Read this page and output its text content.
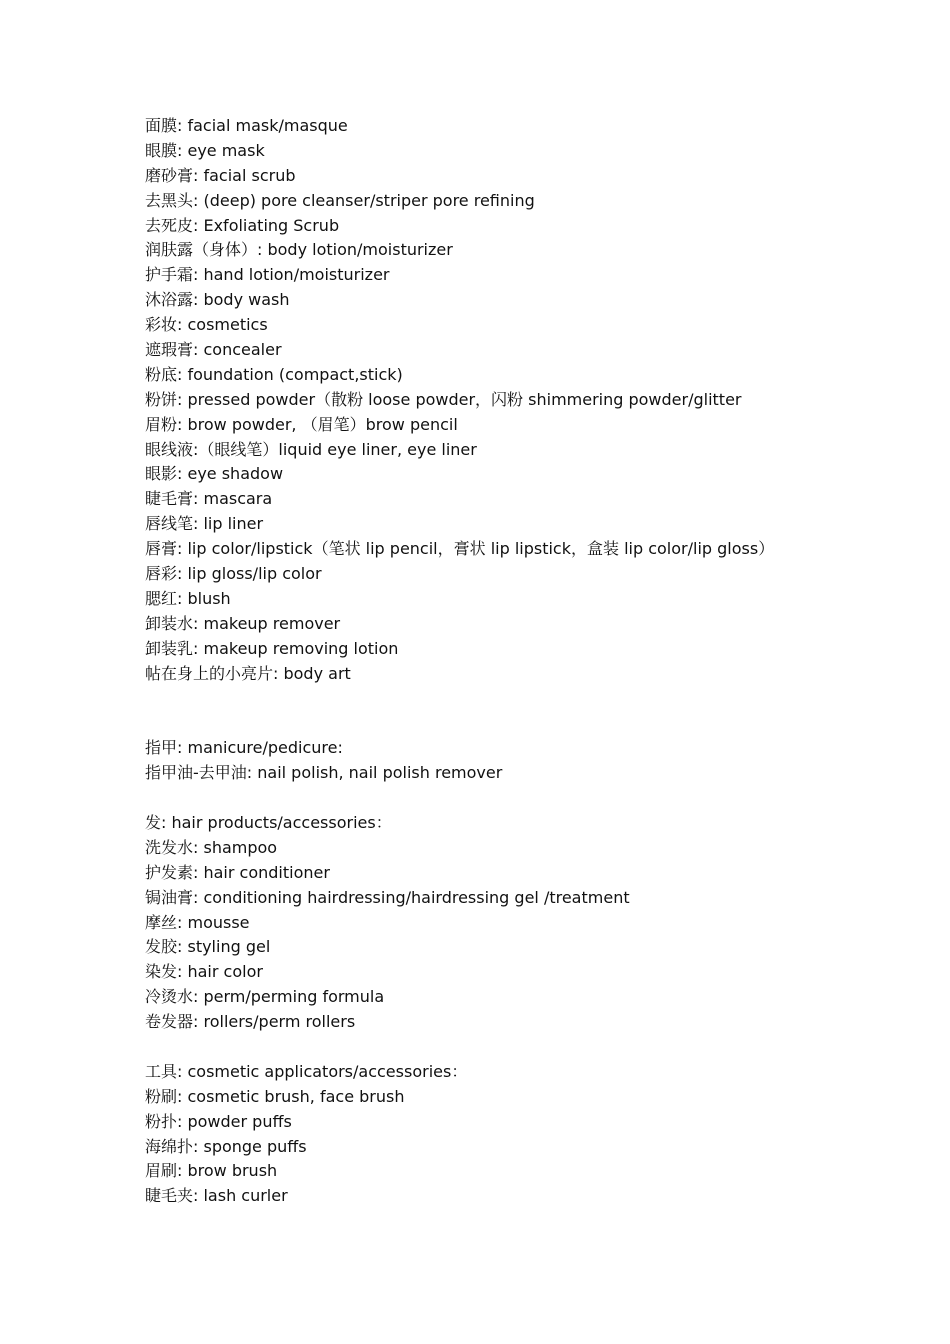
面膜: facial mask/masque
眼膜: eye mask
磨砂膏: facial scrub
去黑头: (deep) pore cleanser/striper pore refining
去死皮: Exfoliating Scrub
润肤露（身体）: body lotion/moisturizer
护手霜: hand lotion/moisturizer
沐浴露: body wash
彩妆: cosmetics
遮瑕膏: concealer
粉底: foundation (compact,stick)
粉饼: pressed powder（散粉 loose powder，闪粉 shimmering powder/glitter
眉粉: brow powder, （眉笔）brow pencil
眼线液:（眼线笔）liquid eye liner, eye liner
眼影: eye shadow
睫毛膏: mascara
唇线笔: lip liner
唇膏: lip color/lipstick（笔状 lip pencil，膏状 lip lipstick，盒装 lip color/lip gloss）
唇彩: lip gloss/lip color
腮红: blush
卸装水: makeup remover
卸装乳: makeup removing lotion
帖在身上的小亮片: body art
指甲: manicure/pedicure:
指甲油-去甲油: nail polish, nail polish remover
发: hair products/accessories：
洗发水: shampoo
护发素: hair conditioner
锔油膏: conditioning hairdressing/hairdressing gel /treatment
摩丝: mousse
发胶: styling gel
染发: hair color
冷烫水: perm/perming formula
卷发器: rollers/perm rollers
工具: cosmetic applicators/accessories：
粉刷: cosmetic brush, face brush
粉扑: powder puffs
海绵扑: sponge puffs
眉刷: brow brush
睫毛夹: lash curler
